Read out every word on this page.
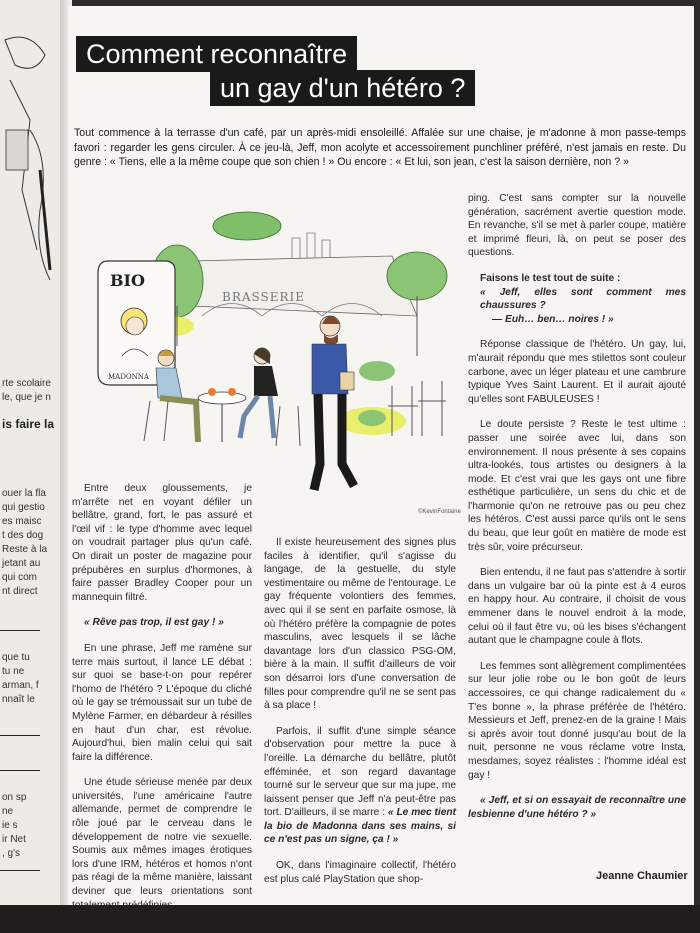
rte scolaire
le, que je n
is faire la
ouer la fla
qui gestio
es maisc
t des dog
Reste à la
jetant au
qui com
nt direct
que tu
tu ne
arman, f
nnaît le
on sp
ne
ie s
ir Net
, g's
Comment reconnaître
un gay d'un hétéro ?
Tout commence à la terrasse d'un café, par un après-midi ensoleillé. Affalée sur une chaise, je m'adonne à mon passe-temps favori : regarder les gens circuler. À ce jeu-là, Jeff, mon acolyte et accessoirement punchliner préféré, n'est jamais en reste. Du genre : « Tiens, elle a la même coupe que son chien ! » Ou encore : « Et lui, son jean, c'est la saison dernière, non ? »
BRASSERIE
BIO
MADONNA
©KevinFontaine

Entre deux gloussements, je m'arrête net en voyant défiler un bellâtre, grand, fort, le pas assuré et l'œil vif : le type d'homme avec lequel on voudrait partager plus qu'un café. On dirait un poster de magazine pour prépubères en surplus d'hormones, à faire passer Bradley Cooper pour un mannequin filtré.

« Rêve pas trop, il est gay ! »

En une phrase, Jeff me ramène sur terre mais surtout, il lance LE débat : sur quoi se base-t-on pour repérer l'homo de l'hétéro ? L'époque du cliché où le gay se trémoussait sur un tube de Mylène Farmer, en débardeur à résilles en haut d'un char, est révolue. Aujourd'hui, bien malin celui qui sait faire la différence.

Une étude sérieuse menée par deux universités, l'une américaine l'autre allemande, permet de comprendre le rôle joué par le cerveau dans le développement de notre vie sexuelle. Soumis aux mêmes images érotiques lors d'une IRM, hétéros et homos n'ont pas réagi de la même manière, laissant deviner que leurs orientations sont

Il existe heureusement des signes plus faciles à identifier, qu'il s'agisse du langage, de la gestuelle, du style vestimentaire ou même de l'entourage. Le gay fréquente volontiers des femmes, avec qui il se sent en parfaite osmose, là où l'hétéro préfère la compagnie de potes masculins, avec lesquels il se lâche davantage lors d'un classico PSG-OM, bière à la main. Il suffit d'ailleurs de voir son désarroi lors d'une conversation de filles pour comprendre qu'il ne se sent pas à sa place !

Parfois, il suffit d'une simple séance d'observation pour mettre la puce à l'oreille. La démarche du bellâtre, plutôt efféminée, et son regard davantage tourné sur le serveur que sur ma jupe, me laissent penser que Jeff n'a peut-être pas tort. D'ailleurs, il se marre : « Le mec tient la bio de Madonna dans ses mains, si ce n'est pas un signe, ça ! »

OK, dans l'imaginaire collectif, l'hétéro est plus calé PlayStation que shop-

ping. C'est sans compter sur la nouvelle génération, sacrément avertie question mode. En revanche, s'il se met à parler coupe, matière et imprimé fleuri, là, on peut se poser des questions.

Faisons le test tout de suite :
« Jeff, elles sont comment mes chaussures ?
— Euh… ben… noires ! »

Réponse classique de l'hétéro. Un gay, lui, m'aurait répondu que mes stilettos sont couleur carbone, avec un léger plateau et une cambrure typique Yves Saint Laurent. Et il aurait ajouté qu'elles sont FABULEUSES !

Le doute persiste ? Reste le test ultime : passer une soirée avec lui, dans son environnement. Il nous présente à ses copains ultra-lookés, tous artistes ou designers à la mode. Et c'est vrai que les gays ont une fibre esthétique particulière, un sens du chic et de l'harmonie qu'on ne retrouve pas ou peu chez les hétéros. C'est aussi parce qu'ils ont le sens du beau, que leur goût en matière de mode est très sûr, voire précurseur.

Bien entendu, il ne faut pas s'attendre à sortir dans un vulgaire bar où la pinte est à 4 euros en happy hour. Au contraire, il choisit de vous emmener dans le nouvel endroit à la mode, celui où il faut être vu, où les bises s'échangent autant que le champagne coule à flots.

Les femmes sont allègrement complimentées sur leur jolie robe ou le bon goût de leurs accessoires, ce qui change radicalement du « T'es bonne », la phrase préférée de l'hétéro. Messieurs et Jeff, prenez-en de la graine ! Mais si après avoir tout donné jusqu'au bout de la nuit, personne ne vous réclame votre Insta, mesdames, soyez réalistes : l'homme idéal est gay !

« Jeff, et si on essayait de reconnaître une lesbienne d'une hétéro ? »

Jeanne Chaumier
